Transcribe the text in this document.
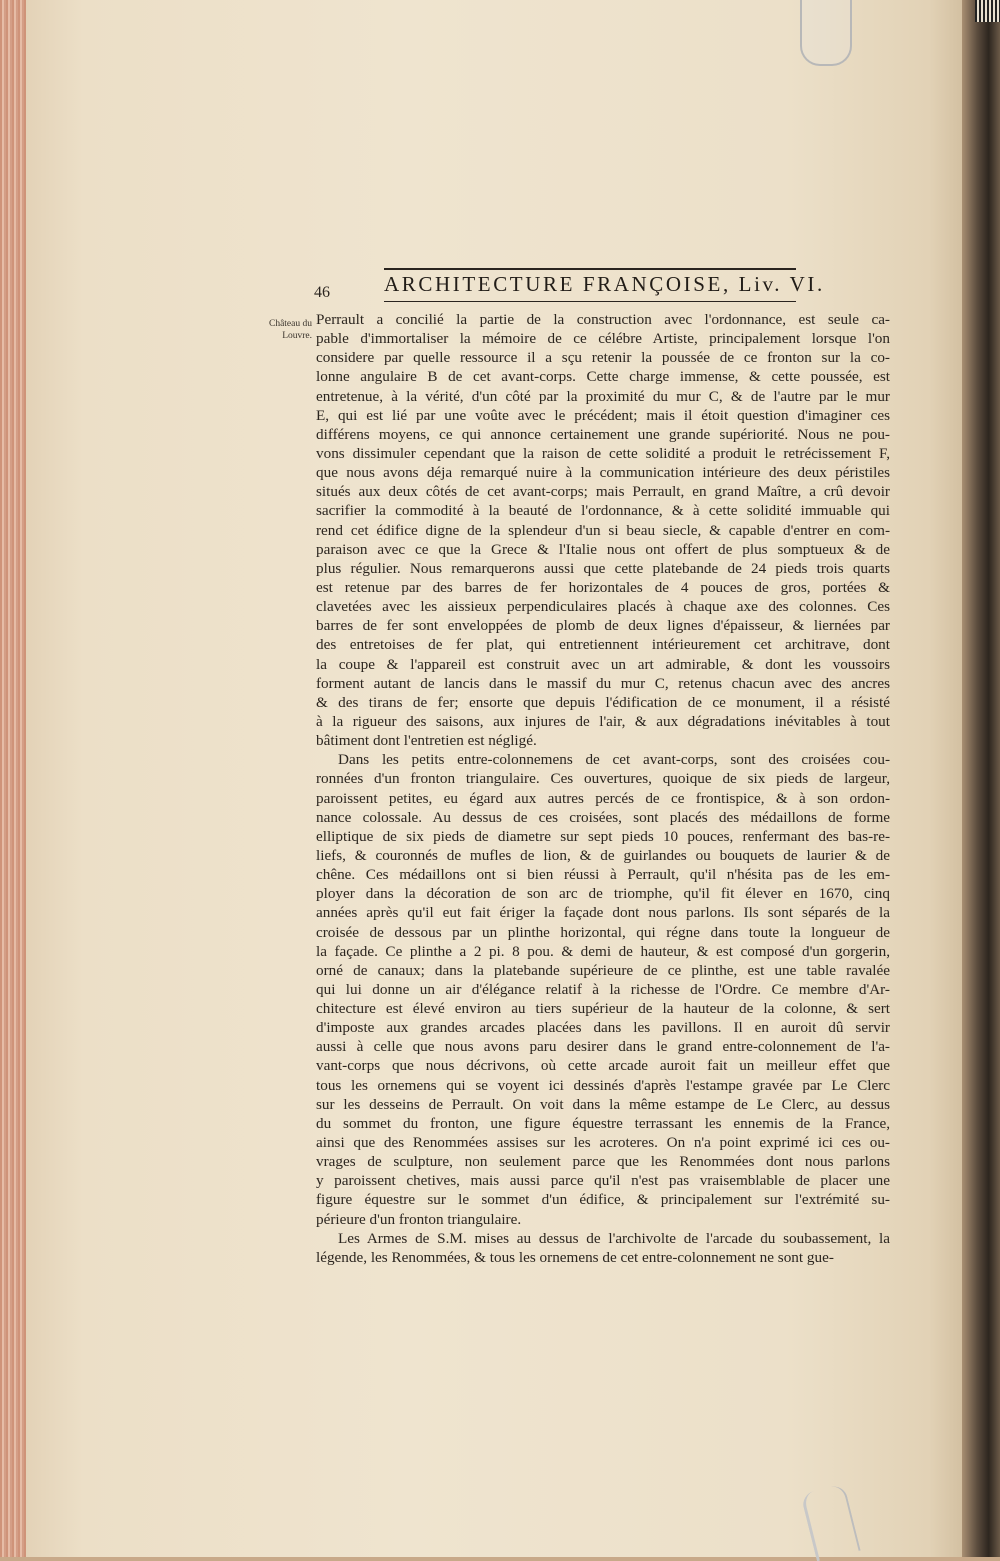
46	ARCHITECTURE FRANÇOISE, Liv. VI.
Château du Louvre.
Perrault a concilié la partie de la construction avec l'ordonnance, est seule ca-
pable d'immortaliser la mémoire de ce célébre Artiste, principalement lorsque l'on
considere par quelle ressource il a sçu retenir la poussée de ce fronton sur la co-
lonne angulaire B de cet avant-corps. Cette charge immense, & cette poussée, est
entretenue, à la vérité, d'un côté par la proximité du mur C, & de l'autre par le mur
E, qui est lié par une voûte avec le précédent; mais il étoit question d'imaginer ces
différens moyens, ce qui annonce certainement une grande supériorité. Nous ne pou-
vons dissimuler cependant que la raison de cette solidité a produit le retrécissement F,
que nous avons déja remarqué nuire à la communication intérieure des deux péristiles
situés aux deux côtés de cet avant-corps; mais Perrault, en grand Maître, a crû devoir
sacrifier la commodité à la beauté de l'ordonnance, & à cette solidité immuable qui
rend cet édifice digne de la splendeur d'un si beau siecle, & capable d'entrer en com-
paraison avec ce que la Grece & l'Italie nous ont offert de plus somptueux & de
plus régulier. Nous remarquerons aussi que cette platebande de 24 pieds trois quarts
est retenue par des barres de fer horizontales de 4 pouces de gros, portées &
clavetées avec les aissieux perpendiculaires placés à chaque axe des colonnes. Ces
barres de fer sont enveloppées de plomb de deux lignes d'épaisseur, & liernées par
des entretoises de fer plat, qui entretiennent intérieurement cet architrave, dont
la coupe & l'appareil est construit avec un art admirable, & dont les voussoirs
forment autant de lancis dans le massif du mur C, retenus chacun avec des ancres
& des tirans de fer; ensorte que depuis l'édification de ce monument, il a résisté
à la rigueur des saisons, aux injures de l'air, & aux dégradations inévitables à tout
bâtiment dont l'entretien est négligé.
Dans les petits entre-colonnemens de cet avant-corps, sont des croisées cou-
ronnées d'un fronton triangulaire. Ces ouvertures, quoique de six pieds de largeur,
paroissent petites, eu égard aux autres percés de ce frontispice, & à son ordon-
nance colossale. Au dessus de ces croisées, sont placés des médaillons de forme
elliptique de six pieds de diametre sur sept pieds 10 pouces, renfermant des bas-re-
liefs, & couronnés de mufles de lion, & de guirlandes ou bouquets de laurier & de
chêne. Ces médaillons ont si bien réussi à Perrault, qu'il n'hésita pas de les em-
ployer dans la décoration de son arc de triomphe, qu'il fit élever en 1670, cinq
années après qu'il eut fait ériger la façade dont nous parlons. Ils sont séparés de la
croisée de dessous par un plinthe horizontal, qui régne dans toute la longueur de
la façade. Ce plinthe a 2 pi. 8 pou. & demi de hauteur, & est composé d'un gorgerin,
orné de canaux; dans la platebande supérieure de ce plinthe, est une table ravalée
qui lui donne un air d'élégance relatif à la richesse de l'Ordre. Ce membre d'Ar-
chitecture est élevé environ au tiers supérieur de la hauteur de la colonne, & sert
d'imposte aux grandes arcades placées dans les pavillons. Il en auroit dû servir
aussi à celle que nous avons paru desirer dans le grand entre-colonnement de l'a-
vant-corps que nous décrivons, où cette arcade auroit fait un meilleur effet que
tous les ornemens qui se voyent ici dessinés d'après l'estampe gravée par Le Clerc
sur les desseins de Perrault. On voit dans la même estampe de Le Clerc, au dessus
du sommet du fronton, une figure équestre terrassant les ennemis de la France,
ainsi que des Renommées assises sur les acroteres. On n'a point exprimé ici ces ou-
vrages de sculpture, non seulement parce que les Renommées dont nous parlons
y paroissent chetives, mais aussi parce qu'il n'est pas vraisemblable de placer une
figure équestre sur le sommet d'un édifice, & principalement sur l'extrémité su-
périeure d'un fronton triangulaire.
Les Armes de S.M. mises au dessus de l'archivolte de l'arcade du soubassement, la
légende, les Renommées, & tous les ornemens de cet entre-colonnement ne sont gue-
